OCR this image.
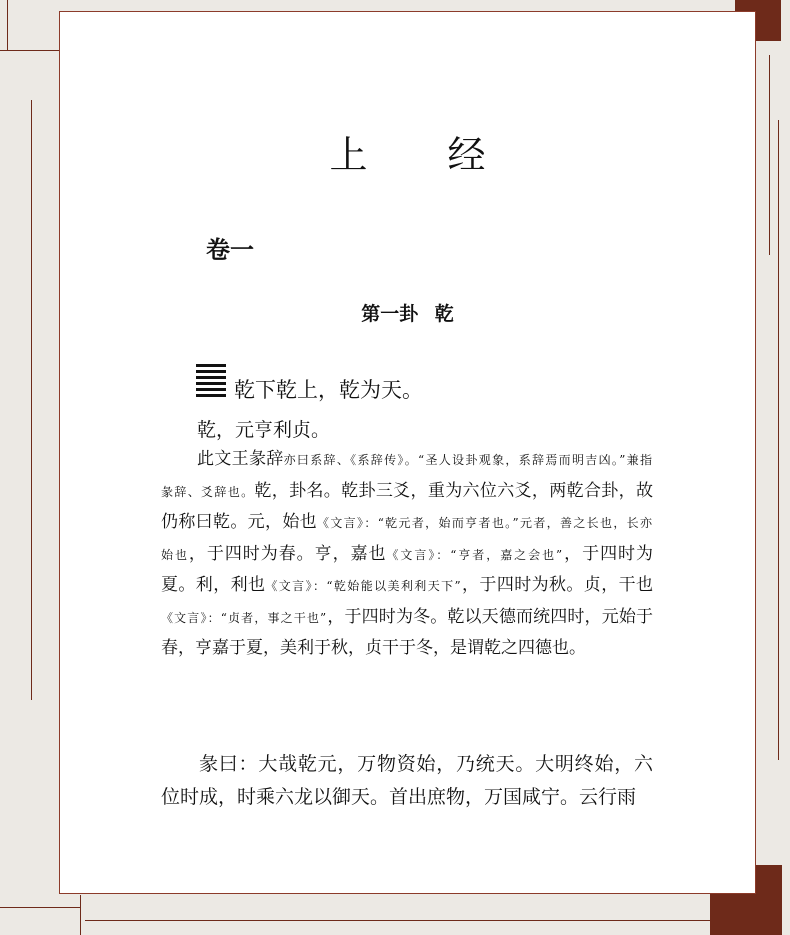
上 经
卷一
第一卦 乾
乾下乾上，乾为天。
乾，元亨利贞。
此文王彖辞亦曰系辞、《系辞传》。“圣人设卦观象，系辞焉而明吉凶。”兼指彖辞、爻辞也。乾，卦名。乾卦三爻，重为六位六爻，两乾合卦，故仍称曰乾。元，始也《文言》：“乾元者，始而亨者也。”元者，善之长也，长亦始也，于四时为春。亨，嘉也《文言》：“亨者，嘉之会也”，于四时为夏。利，利也《文言》：“乾始能以美利利天下”，于四时为秋。贞，干也《文言》：“贞者，事之干也”，于四时为冬。乾以天德而统四时，元始于春，亨嘉于夏，美利于秋，贞干于冬，是谓乾之四德也。
彖曰：大哉乾元，万物资始，乃统天。大明终始，六位时成，时乘六龙以御天。首出庶物，万国咸宁。云行雨
